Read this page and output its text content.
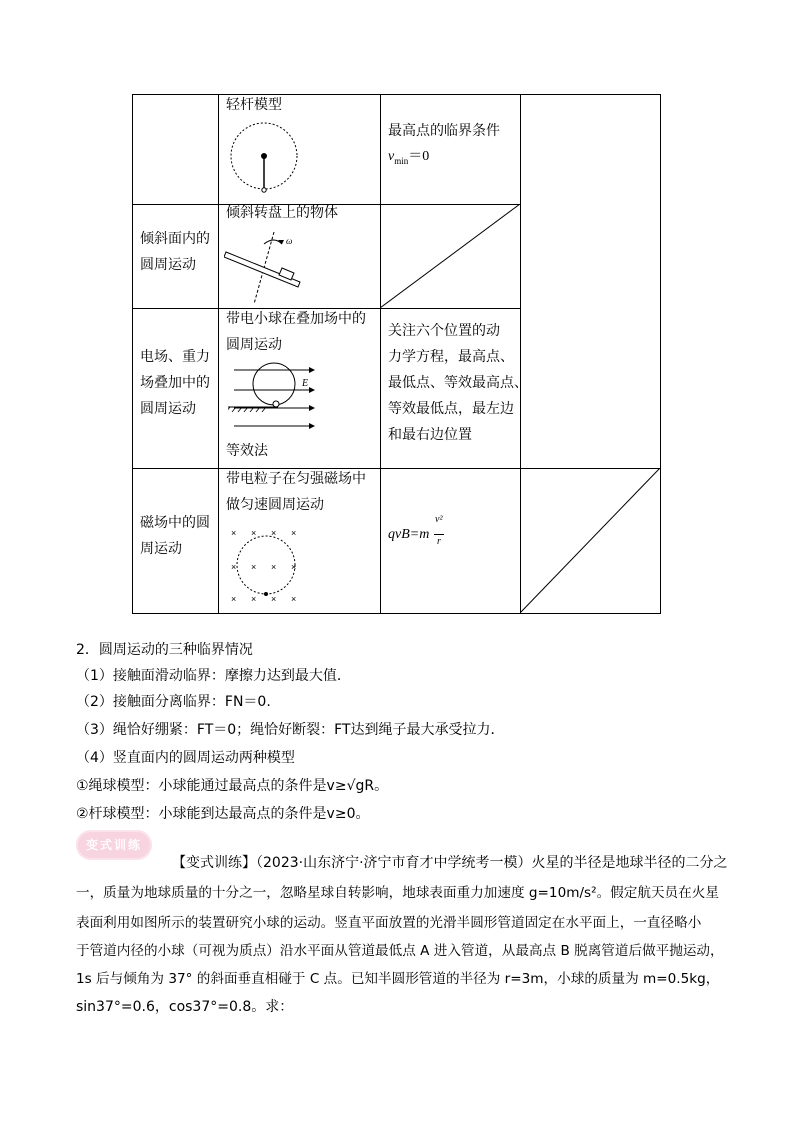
轻杆模型
最高点的临界条件
$v_{min}=0$
倾斜面内的
圆周运动
倾斜转盘上的物体
ω
电场、重力
场叠加中的
圆周运动
带电小球在叠加场中的
圆周运动
E
等效法
关注六个位置的动
力学方程，最高点、
最低点、等效最高点、
等效最低点，最左边
和最右边位置
磁场中的圆
周运动
带电粒子在匀强磁场中
做匀速圆周运动
× × × ×
× × × ×
× × × ×
qvB=m
v²
r
2．圆周运动的三种临界情况
（1）接触面滑动临界：摩擦力达到最大值．
（2）接触面分离临界：FN＝0.
（3）绳恰好绷紧：FT＝0；绳恰好断裂：FT达到绳子最大承受拉力．
（4）竖直面内的圆周运动两种模型
①绳球模型：小球能通过最高点的条件是v≥√gR。
②杆球模型：小球能到达最高点的条件是v≥0。
变式训练
【变式训练】（2023·山东济宁·济宁市育才中学统考一模）火星的半径是地球半径的二分之
一，质量为地球质量的十分之一，忽略星球自转影响，地球表面重力加速度 g=10m/s²。假定航天员在火星
表面利用如图所示的装置研究小球的运动。竖直平面放置的光滑半圆形管道固定在水平面上，一直径略小
于管道内径的小球（可视为质点）沿水平面从管道最低点 A 进入管道，从最高点 B 脱离管道后做平抛运动，
1s 后与倾角为 37° 的斜面垂直相碰于 C 点。已知半圆形管道的半径为 r=3m，小球的质量为 m=0.5kg，
sin37°=0.6，cos37°=0.8。求：
